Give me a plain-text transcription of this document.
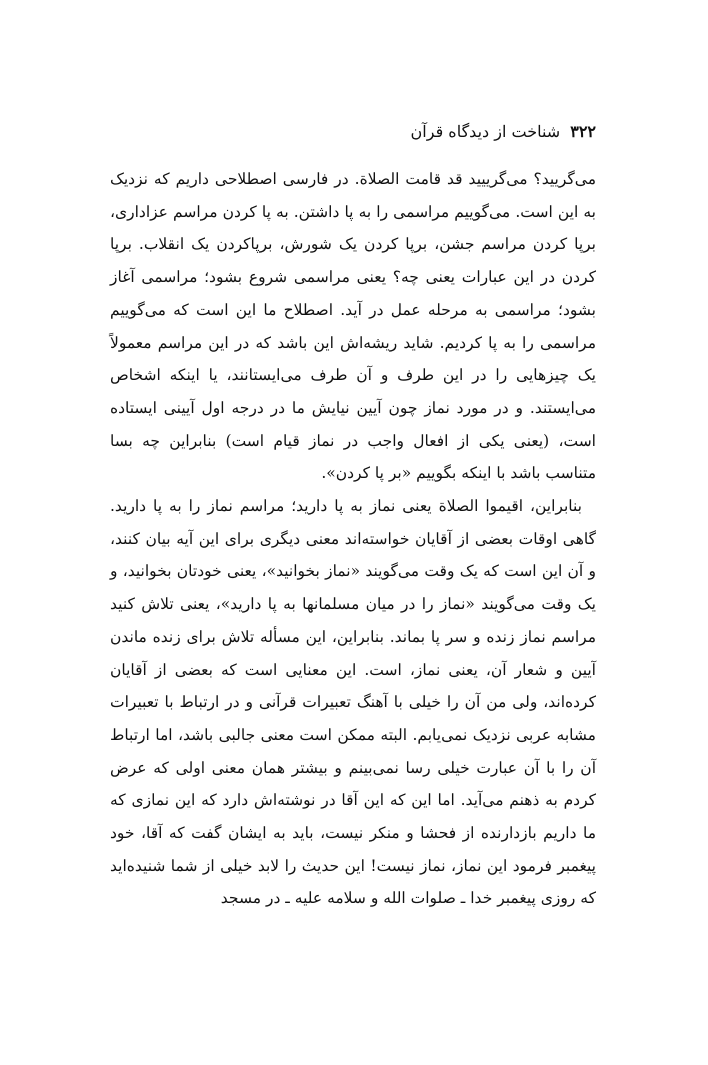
۳۲۲
شناخت از دیدگاه قرآن

می‌گریید؟ می‌گرییید قد قامت الصلاة. در فارسی اصطلاحی داریم که نزدیک به این است. می‌گوییم مراسمی را به پا داشتن. به پا کردن مراسم عزاداری، برپا کردن مراسم جشن، برپا کردن یک شورش، برپاکردن یک انقلاب. برپا کردن در این عبارات یعنی چه؟ یعنی مراسمی شروع بشود؛ مراسمی آغاز بشود؛ مراسمی به مرحله عمل در آید. اصطلاح ما این است که می‌گوییم مراسمی را به پا کردیم. شاید ریشه‌اش این باشد که در این مراسم معمولاً یک چیزهایی را در این طرف و آن طرف می‌ایستانند، یا اینکه اشخاص می‌ایستند. و در مورد نماز چون آیین نیایش ما در درجه اول آیینی ایستاده است، (یعنی یکی از افعال واجب در نماز قیام است) بنابراین چه بسا متناسب باشد با اینکه بگوییم «بر پا کردن».

بنابراین، اقیموا الصلاة یعنی نماز به پا دارید؛ مراسم نماز را به پا دارید. گاهی اوقات بعضی از آقایان خواسته‌اند معنی دیگری برای این آیه بیان کنند، و آن این است که یک وقت می‌گویند «نماز بخوانید»، یعنی خودتان بخوانید، و یک وقت می‌گویند «نماز را در میان مسلمانها به پا دارید»، یعنی تلاش کنید مراسم نماز زنده و سر پا بماند. بنابراین، این مسأله تلاش برای زنده ماندن آیین و شعار آن، یعنی نماز، است. این معنایی است که بعضی از آقایان کرده‌اند، ولی من آن را خیلی با آهنگ تعبیرات قرآنی و در ارتباط با تعبیرات مشابه عربی نزدیک نمی‌یابم. البته ممکن است معنی جالبی باشد، اما ارتباط آن را با آن عبارت خیلی رسا نمی‌بینم و بیشتر همان معنی اولی که عرض کردم به ذهنم می‌آید. اما این که این آقا در نوشته‌اش دارد که این نمازی که ما داریم بازدارنده از فحشا و منکر نیست، باید به ایشان گفت که آقا، خود پیغمبر فرمود این نماز، نماز نیست! این حدیث را لابد خیلی از شما شنیده‌اید که روزی پیغمبر خدا ـ صلوات الله و سلامه علیه ـ در مسجد
